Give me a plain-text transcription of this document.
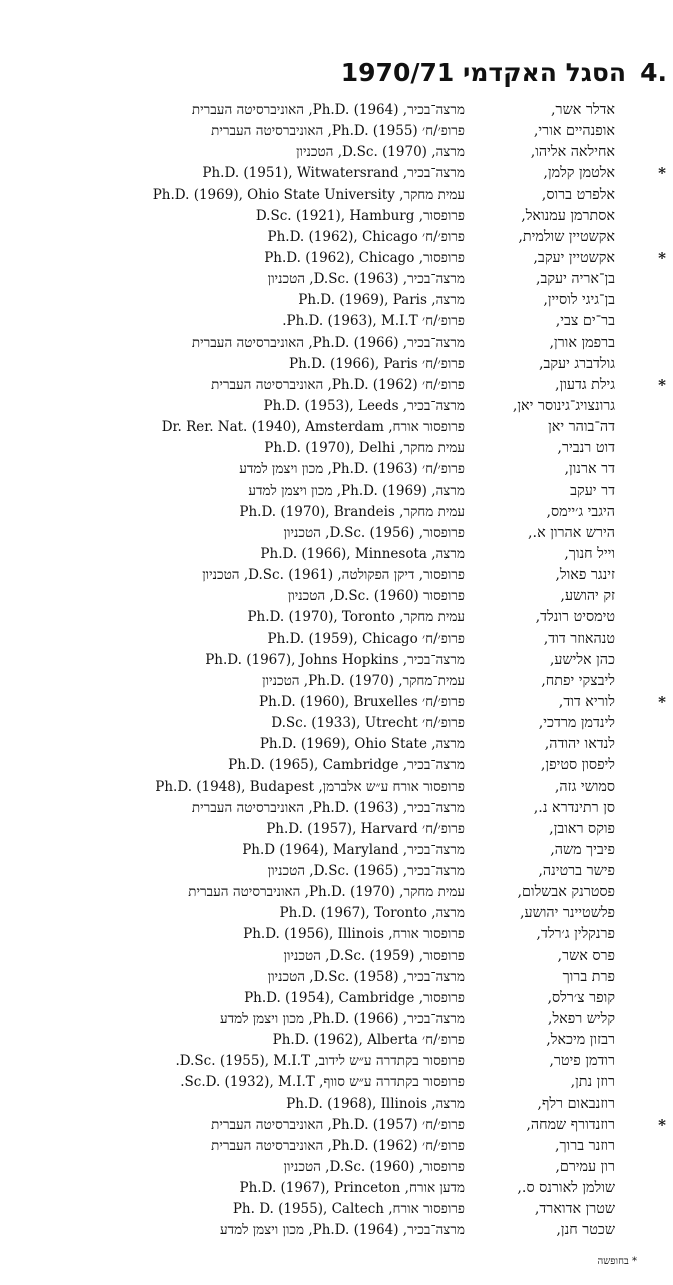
.4הסגל האקדמי 1970/71
אדלר אשר,מרצה־בכיר, Ph.D. (1964), האוניברסיטה העברית
אופנהיים אורי,פרופ׳/ח׳ Ph.D. (1955), האוניברסיטה העברית
אחילאה אליהו,מרצה, D.Sc. (1970), הטכניון
*
אלטמן קלמן,מרצה־בכיר, Ph.D. (1951), Witwatersrand
אלפרט ברוס,עמית מחקר, Ph.D. (1969), Ohio State University
אסתרמן עמנואל,פרופסור, D.Sc. (1921), Hamburg
אקשטיין שולמית,פרופ׳/ח׳ Ph.D. (1962), Chicago
*
אקשטיין יעקב,פרופסור, Ph.D. (1962), Chicago
בן־אריה יעקב,מרצה־בכיר, D.Sc. (1963), הטכניון
בן־גיגי לוסיין,מרצה, Ph.D. (1969), Paris
בר־ים צבי,פרופ׳/ח׳ Ph.D. (1963), M.I.T.
ברפמן אורן,מרצה־בכיר, Ph.D. (1966), האוניברסיטה העברית
גולדברג יעקב,פרופ׳/ח׳ Ph.D. (1966), Paris
*
גילת גדעון,פרופ׳/ח׳ Ph.D. (1962), האוניברסיטה העברית
גרונצויג־גינוסר יאן,מרצה־בכיר, Ph.D. (1953), Leeds
דה־בוהר יאןפרופסור אורח, Dr. Rer. Nat. (1940), Amsterdam
דוט רנביר,עמית מחקר, Ph.D. (1970), Delhi
דר ארנון,פרופ׳/ח׳ Ph.D. (1963), מכון ויצמן למדע
דר יעקבמרצה, Ph.D. (1969), מכון ויצמן למדע
היגבי ג׳יימס,עמית מחקר, Ph.D. (1970), Brandeis
הירש אהרון א.,פרופסור, D.Sc. (1956), הטכניון
וייל חנוך,מרצה, Ph.D. (1966), Minnesota
זינגר פאול,פרופסור, דיקן הפקולטה, D.Sc. (1961), הטכניון
זק יהושע,פרופסור D.Sc. (1960), הטכניון
טימסיט רונלד,עמית מחקר, Ph.D. (1970), Toronto
טנהאוזר דוד,פרופ׳/ח׳ Ph.D. (1959), Chicago
כהן אלישע,מרצה־בכיר, Ph.D. (1967), Johns Hopkins
ליבצקי יפתח,עמית־מחקר, Ph.D. (1970), הטכניון
*
לוריא דוד,פרופ׳/ח׳ Ph.D. (1960), Bruxelles
לינדמן מרדכי,פרופ׳/ח׳ D.Sc. (1933), Utrecht
לנדאו יהודה,מרצה, Ph.D. (1969), Ohio State
ליפסון סטיפן,מרצה־בכיר, Ph.D. (1965), Cambridge
סמושי גזה,פרופסור אורח ע״ש אלברמן, Ph.D. (1948), Budapest
סן רתינדרא נ.,מרצה־בכיר, Ph.D. (1963), האוניברסיטה העברית
פוקס ראובן,פרופ׳/ח׳ Ph.D. (1957), Harvard
פיביך משה,מרצה־בכיר, Ph.D (1964), Maryland
פישר ברטינה,מרצה־בכיר, D.Sc. (1965), הטכניון
פסטרנק אבשלום,עמית מחקר, Ph.D. (1970), האוניברסיטה העברית
פלשטיינר יהושע,מרצה, Ph.D. (1967), Toronto
פרנקלין ג׳רלד,פרופסור אורח, Ph.D. (1956), Illinois
פרס אשר,פרופסור, D.Sc. (1959), הטכניון
פרת ברוךמרצה־בכיר, D.Sc. (1958), הטכניון
קופר צ׳רלס,פרופסור, Ph.D. (1954), Cambridge
קליש רפאל,מרצה־בכיר, Ph.D. (1966), מכון ויצמן למדע
רבזון מיכאל,פרופ׳/ח׳ Ph.D. (1962), Alberta
רודמן פיטר,פרופסור בקתדרה ע״ש לידוב, D.Sc. (1955), M.I.T.
רוזן נתן,פרופסור בקתדרה ע״ש סווף, Sc.D. (1932), M.I.T.
רוזנבאום רלף,מרצה, Ph.D. (1968), Illinois
*
רוזנדורף שמחה,פרופ׳/ח׳ Ph.D. (1957), האוניברסיטה העברית
רוזנר ברוך,פרופ׳/ח׳ Ph.D. (1962), האוניברסיטה העברית
רון עמירם,פרופסור, D.Sc. (1960), הטכניון
שולמן לאורנס ס.,מדען אורח, Ph.D. (1967), Princeton
שטרן אדוארד,פרופסור אורח, Ph. D. (1955), Caltech
שכטר חנן,מרצה־בכיר, Ph.D. (1964), מכון ויצמן למדע
* בחופשה
